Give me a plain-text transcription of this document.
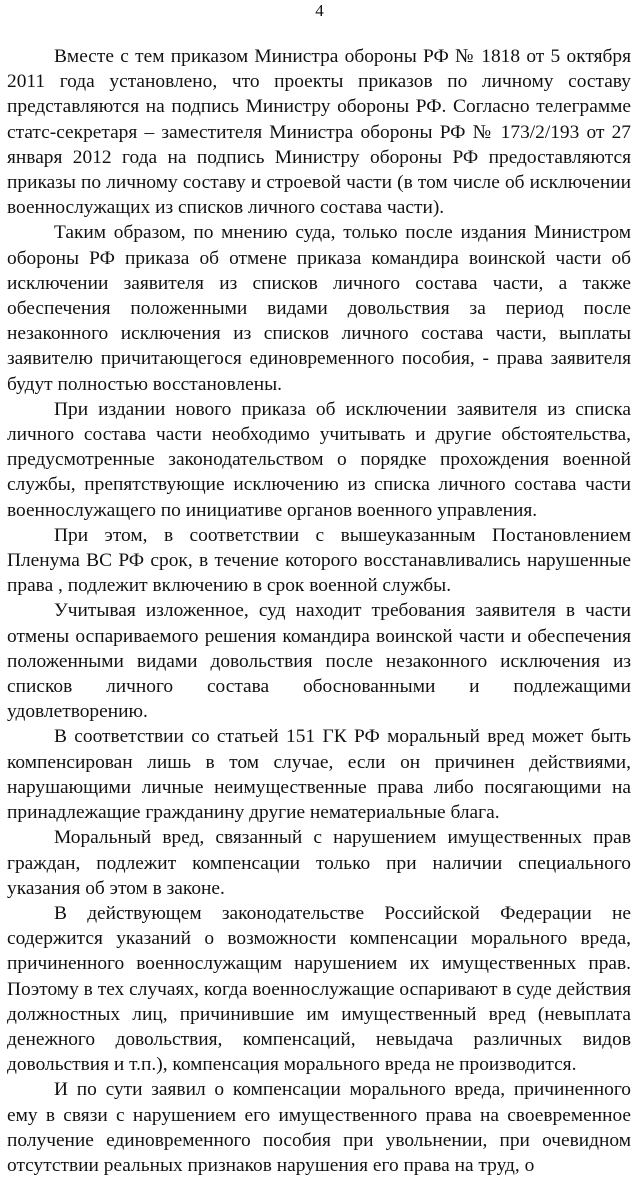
4

Вместе с тем приказом Министра обороны РФ № 1818 от 5 октября 2011 года установлено, что проекты приказов по личному составу представляются на подпись Министру обороны РФ. Согласно телеграмме статс-секретаря – заместителя Министра обороны РФ № 173/2/193 от 27 января 2012 года на подпись Министру обороны РФ предоставляются приказы по личному составу и строевой части (в том числе об исключении военнослужащих из списков личного состава части).

Таким образом, по мнению суда, только после издания Министром обороны РФ приказа об отмене приказа командира воинской части об исключении заявителя из списков личного состава части, а также обеспечения положенными видами довольствия за период после незаконного исключения из списков личного состава части, выплаты заявителю причитающегося единовременного пособия, - права заявителя будут полностью восстановлены.

При издании нового приказа об исключении заявителя из списка личного состава части необходимо учитывать и другие обстоятельства, предусмотренные законодательством о порядке прохождения военной службы, препятствующие исключению из списка личного состава части военнослужащего по инициативе органов военного управления.

При этом, в соответствии с вышеуказанным Постановлением Пленума ВС РФ срок, в течение которого восстанавливались нарушенные права , подлежит включению в срок военной службы.

Учитывая изложенное, суд находит требования заявителя в части отмены оспариваемого решения командира воинской части и обеспечения положенными видами довольствия после незаконного исключения из списков личного состава обоснованными и подлежащими удовлетворению.

В соответствии со статьей 151 ГК РФ моральный вред может быть компенсирован лишь в том случае, если он причинен действиями, нарушающими личные неимущественные права либо посягающими на принадлежащие гражданину другие нематериальные блага.

Моральный вред, связанный с нарушением имущественных прав граждан, подлежит компенсации только при наличии специального указания об этом в законе.

В действующем законодательстве Российской Федерации не содержится указаний о возможности компенсации морального вреда, причиненного военнослужащим нарушением их имущественных прав. Поэтому в тех случаях, когда военнослужащие оспаривают в суде действия должностных лиц, причинившие им имущественный вред (невыплата денежного довольствия, компенсаций, невыдача различных видов довольствия и т.п.), компенсация морального вреда не производится.

И по сути заявил о компенсации морального вреда, причиненного ему в связи с нарушением его имущественного права на своевременное получение единовременного пособия при увольнении, при очевидном отсутствии реальных признаков нарушения его права на труд, о
